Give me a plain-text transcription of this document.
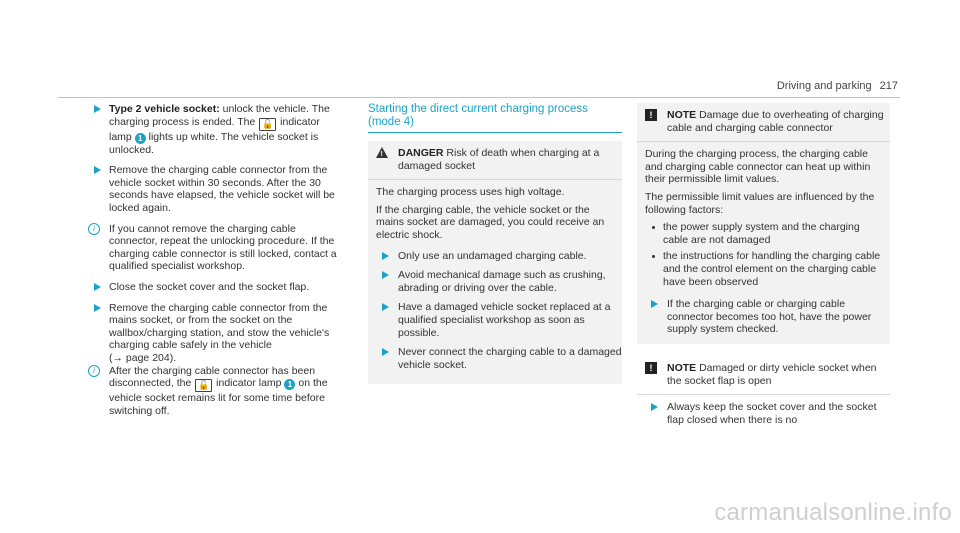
Driving and parking 217
Type 2 vehicle socket: unlock the vehicle. The charging process is ended. The 🔓 indicator lamp 1 lights up white. The vehicle socket is unlocked.
Remove the charging cable connector from the vehicle socket within 30 seconds. After the 30 seconds have elapsed, the vehicle socket will be locked again.
i	If you cannot remove the charging cable connector, repeat the unlocking procedure. If the charging cable connector is still locked, contact a qualified specialist workshop.
Close the socket cover and the socket flap.
Remove the charging cable connector from the mains socket, or from the socket on the wallbox/charging station, and stow the vehicle's charging cable safely in the vehicle
(→ page 204).
i	After the charging cable connector has been disconnected, the 🔓 indicator lamp 1 on the vehicle socket remains lit for some time before switching off.
Starting the direct current charging process (mode 4)
!
DANGER Risk of death when charging at a damaged socket

The charging process uses high voltage.

If the charging cable, the vehicle socket or the mains socket are damaged, you could receive an electric shock.

Only use an undamaged charging cable.
Avoid mechanical damage such as crushing, abrading or driving over the cable.
Have a damaged vehicle socket replaced at a qualified specialist workshop as soon as possible.
Never connect the charging cable to a damaged vehicle socket.
!	NOTE Damage due to overheating of charging cable and charging cable connector

During the charging process, the charging cable and charging cable connector can heat up within their permissible limit values.

The permissible limit values are influenced by the following factors:

the power supply system and the charging cable are not damaged
the instructions for handling the charging cable and the control element on the charging cable have been observed
If the charging cable or charging cable connector becomes too hot, have the power supply system checked.
!	NOTE Damaged or dirty vehicle socket when the socket flap is open
Always keep the socket cover and the socket flap closed when there is no
carmanualsonline.info
